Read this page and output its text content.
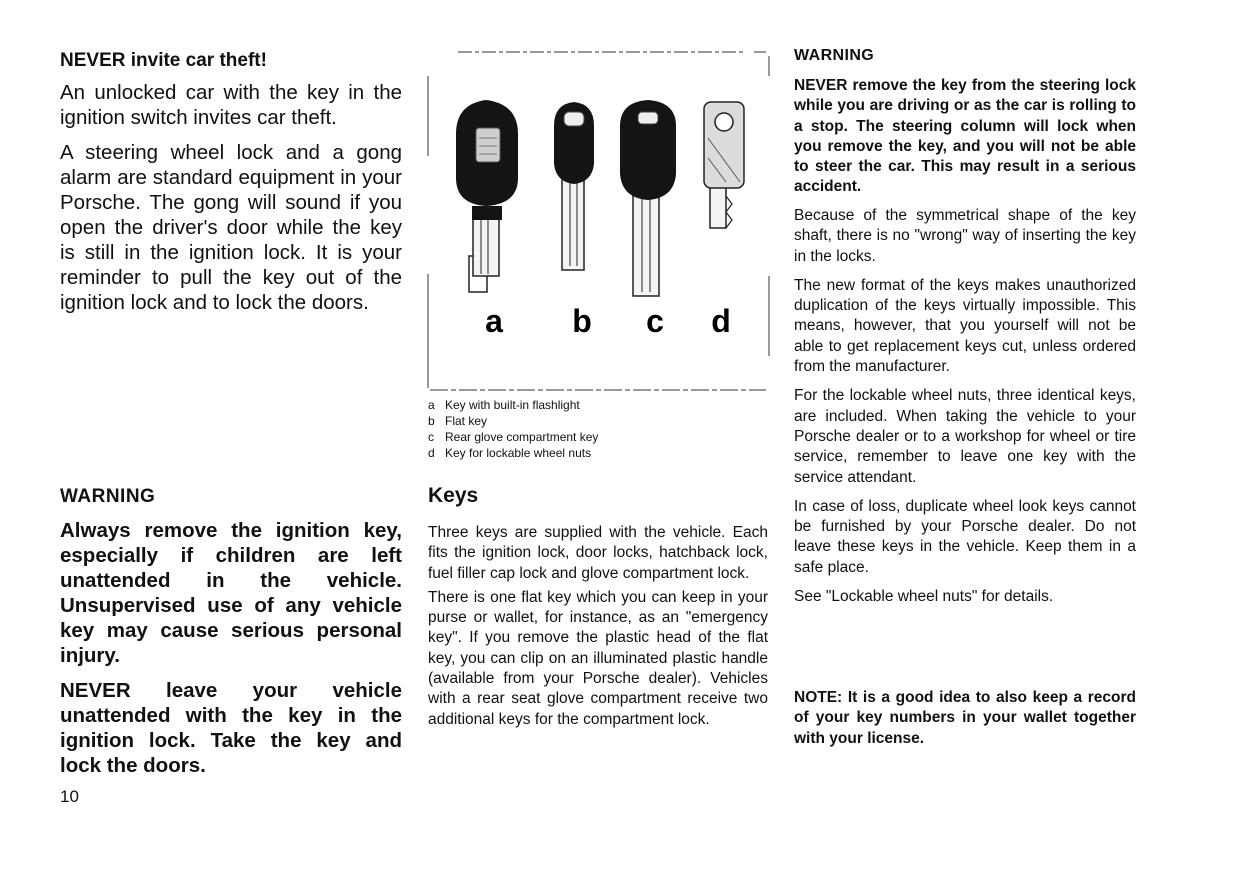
NEVER invite car theft!

An unlocked car with the key in the ignition switch invites car theft.

A steering wheel lock and a gong alarm are standard equipment in your Porsche. The gong will sound if you open the driver's door while the key is still in the ignition lock. It is your reminder to pull the key out of the ignition lock and to lock the doors.

WARNING

Always remove the ignition key, especially if children are left unattended in the vehicle. Unsupervised use of any vehicle key may cause serious personal injury.

NEVER leave your vehicle unattended with the key in the ignition lock. Take the key and lock the doors.

10
a b c d
a Key with built-in flashlight
b Flat key
c Rear glove compartment key
d Key for lockable wheel nuts
Keys

Three keys are supplied with the vehicle. Each fits the ignition lock, door locks, hatchback lock, fuel filler cap lock and glove compartment lock.

There is one flat key which you can keep in your purse or wallet, for instance, as an "emergency key". If you remove the plastic head of the flat key, you can clip on an illuminated plastic handle (available from your Porsche dealer). Vehicles with a rear seat glove compartment receive two additional keys for the compartment lock.

WARNING

NEVER remove the key from the steering lock while you are driving or as the car is rolling to a stop. The steering column will lock when you remove the key, and you will not be able to steer the car. This may result in a serious accident.

Because of the symmetrical shape of the key shaft, there is no "wrong" way of inserting the key in the locks.

The new format of the keys makes unauthorized duplication of the keys virtually impossible. This means, however, that you yourself will not be able to get replacement keys cut, unless ordered from the manufacturer.

For the lockable wheel nuts, three identical keys, are included. When taking the vehicle to your Porsche dealer or to a workshop for wheel or tire service, remember to leave one key with the service attendant.

In case of loss, duplicate wheel look keys cannot be furnished by your Porsche dealer. Do not leave these keys in the vehicle. Keep them in a safe place.

See "Lockable wheel nuts" for details.

NOTE: It is a good idea to also keep a record of your key numbers in your wallet together with your license.
